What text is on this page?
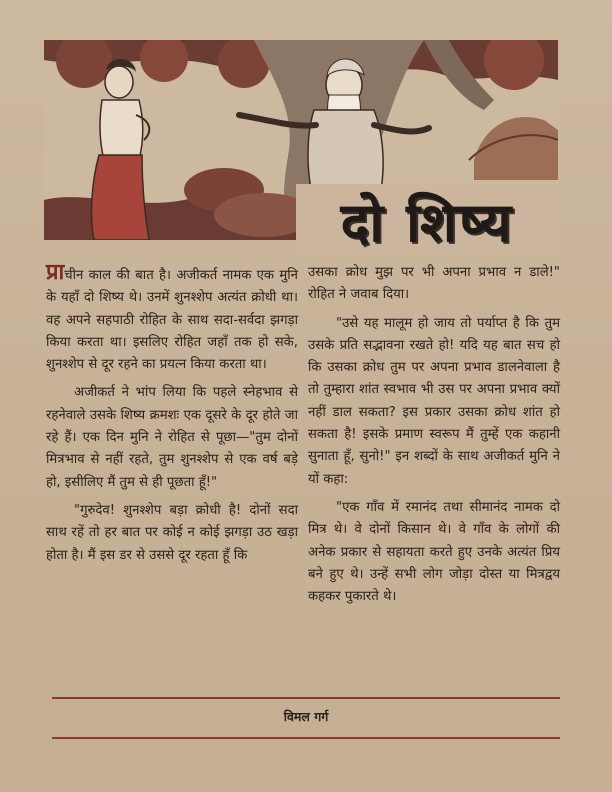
दो शिष्य

प्राचीन काल की बात है। अजीकर्त नामक एक मुनि के यहाँ दो शिष्य थे। उनमें शुनश्शेप अत्यंत क्रोधी था। वह अपने सहपाठी रोहित के साथ सदा-सर्वदा झगड़ा किया करता था। इसलिए रोहित जहाँ तक हो सके, शुनश्शेप से दूर रहने का प्रयत्न किया करता था।

अजीकर्त ने भांप लिया कि पहले स्नेहभाव से रहनेवाले उसके शिष्य क्रमशः एक दूसरे के दूर होते जा रहे हैं। एक दिन मुनि ने रोहित से पूछा—"तुम दोनों मित्रभाव से नहीं रहते, तुम शुनश्शेप से एक वर्ष बड़े हो, इसीलिए मैं तुम से ही पूछता हूँ!"

"गुरुदेव! शुनश्शेप बड़ा क्रोधी है! दोनों सदा साथ रहें तो हर बात पर कोई न कोई झगड़ा उठ खड़ा होता है। मैं इस डर से उससे दूर रहता हूँ कि

उसका क्रोध मुझ पर भी अपना प्रभाव न डाले!" रोहित ने जवाब दिया।

"उसे यह मालूम हो जाय तो पर्याप्त है कि तुम उसके प्रति सद्भावना रखते हो! यदि यह बात सच हो कि उसका क्रोध तुम पर अपना प्रभाव डालनेवाला है तो तुम्हारा शांत स्वभाव भी उस पर अपना प्रभाव क्यों नहीं डाल सकता? इस प्रकार उसका क्रोध शांत हो सकता है! इसके प्रमाण स्वरूप मैं तुम्हें एक कहानी सुनाता हूँ, सुनो!" इन शब्दों के साथ अजीकर्त मुनि ने यों कहा:

"एक गाँव में रमानंद तथा सीमानंद नामक दो मित्र थे। वे दोनों किसान थे। वे गाँव के लोगों की अनेक प्रकार से सहायता करते हुए उनके अत्यंत प्रिय बने हुए थे। उन्हें सभी लोग जोड़ा दोस्त या मित्रद्वय कहकर पुकारते थे।

विमल गर्ग
